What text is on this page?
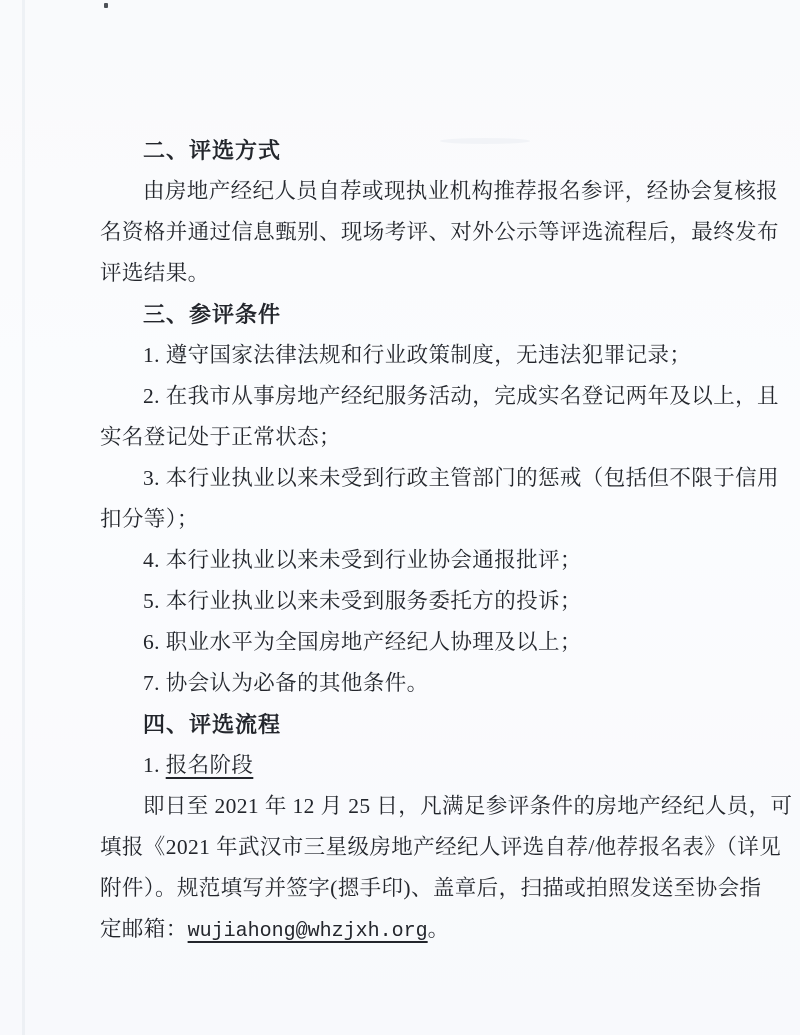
二、评选方式
由房地产经纪人员自荐或现执业机构推荐报名参评，经协会复核报
名资格并通过信息甄别、现场考评、对外公示等评选流程后，最终发布
评选结果。
三、参评条件
1. 遵守国家法律法规和行业政策制度，无违法犯罪记录；
2. 在我市从事房地产经纪服务活动，完成实名登记两年及以上，且
实名登记处于正常状态；
3. 本行业执业以来未受到行政主管部门的惩戒（包括但不限于信用
扣分等）；
4. 本行业执业以来未受到行业协会通报批评；
5. 本行业执业以来未受到服务委托方的投诉；
6. 职业水平为全国房地产经纪人协理及以上；
7. 协会认为必备的其他条件。
四、评选流程
1. 报名阶段
即日至 2021 年 12 月 25 日，凡满足参评条件的房地产经纪人员，可
填报《2021 年武汉市三星级房地产经纪人评选自荐/他荐报名表》（详见
附件）。规范填写并签字(摁手印)、盖章后，扫描或拍照发送至协会指
定邮箱：wujiahong@whzjxh.org。
